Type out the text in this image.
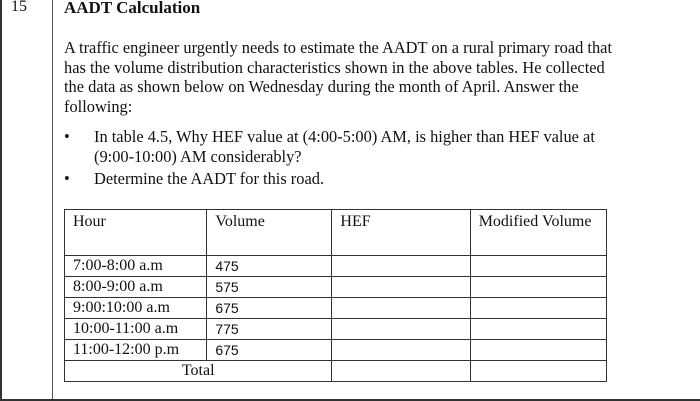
15 AADT Calculation
A traffic engineer urgently needs to estimate the AADT on a rural primary road that has the volume distribution characteristics shown in the above tables. He collected the data as shown below on Wednesday during the month of April. Answer the following:
• In table 4.5, Why HEF value at (4:00-5:00) AM, is higher than HEF value at (9:00-10:00) AM considerably?
• Determine the AADT for this road.
Hour	Volume	HEF	Modified Volume
7:00-8:00 a.m	475		
8:00-9:00 a.m	575		
9:00:10:00 a.m	675		
10:00-11:00 a.m	775		
11:00-12:00 p.m	675		
Total			
